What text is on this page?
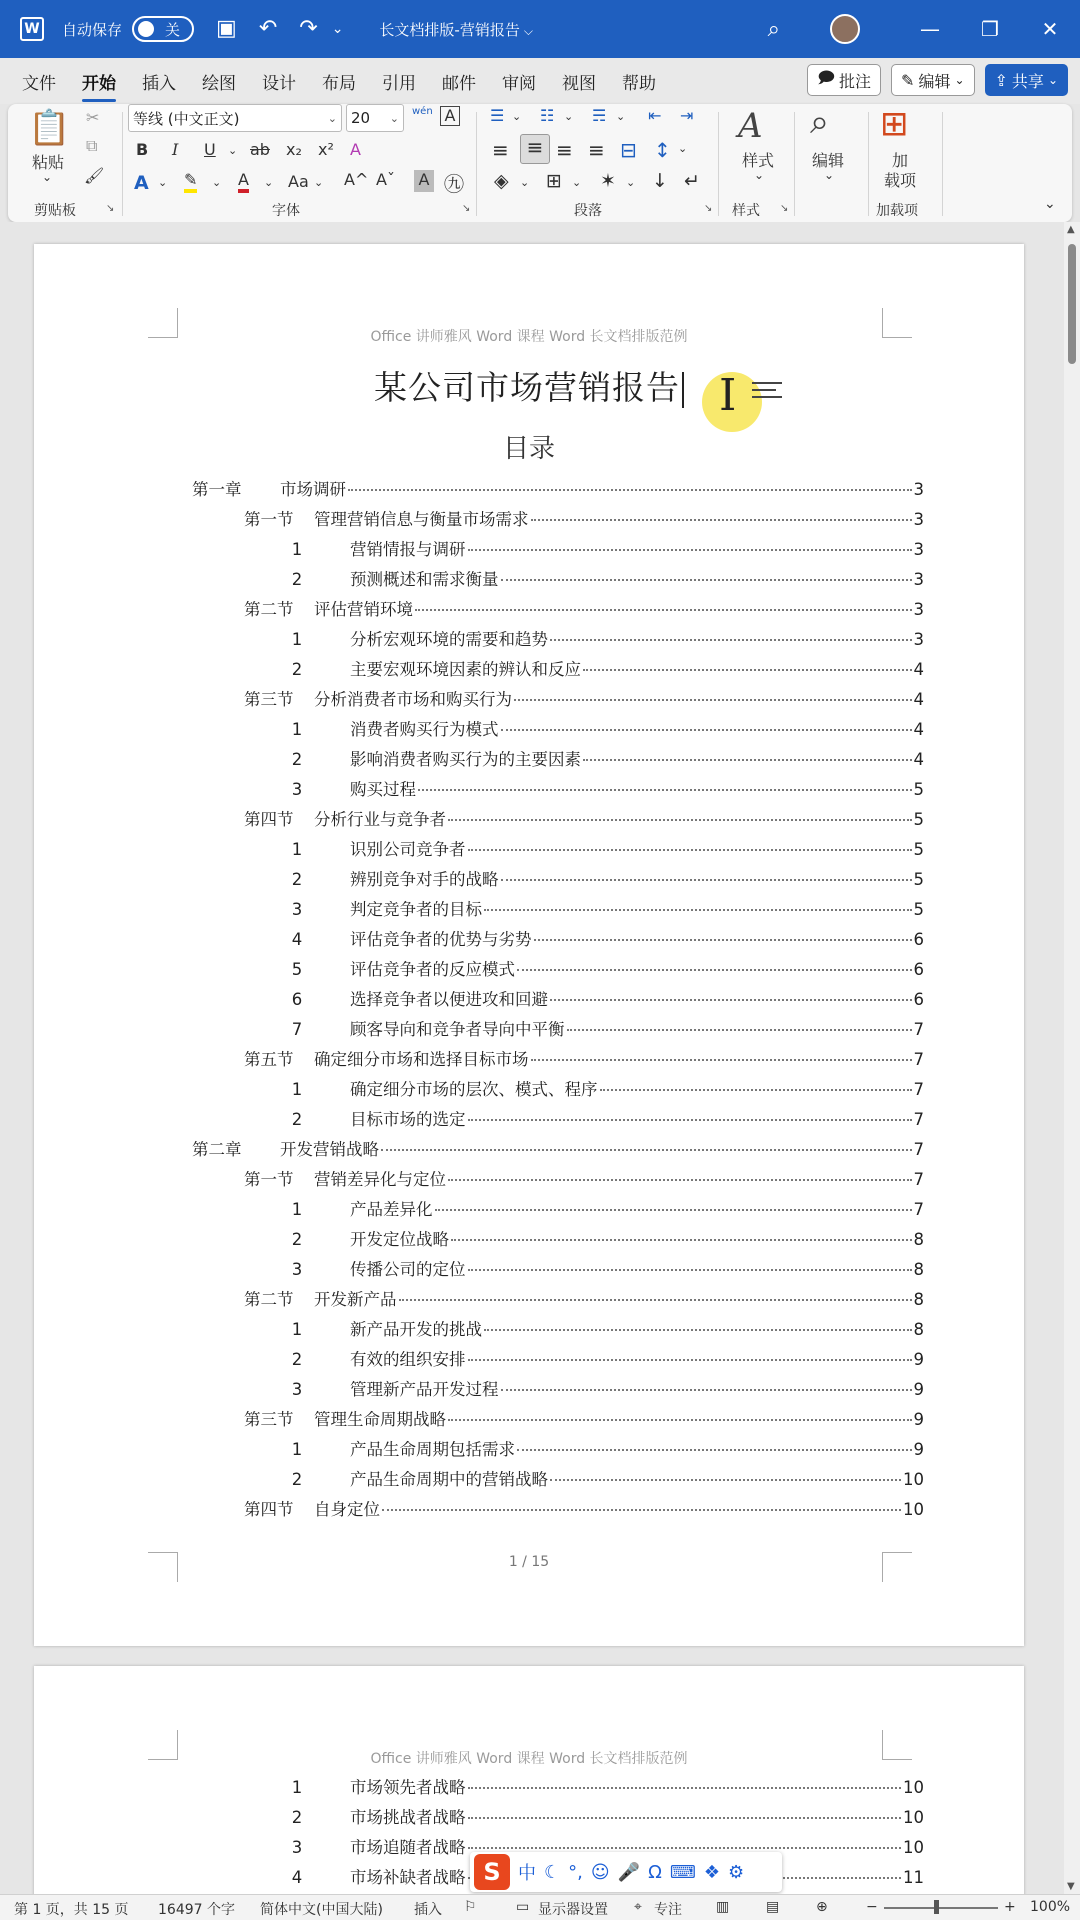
W 自动保存	关 ▣ ↶ ↷ ⌄ 长文档排版-营销报告 ⌵	⌕	—	❐	✕
文件 开始 插入 绘图 设计 布局 引用 邮件 审阅 视图 帮助	🗩 批注 ✎ 编辑 ⌄ ⇪ 共享 ⌄
📋
粘贴
⌄
✂
⧉
🖌
剪贴板	↘
等线 (中文正文)	⌄ 20 ⌄ wén A
B I U ⌄ ab x₂ x² A
A ⌄ ✎ ⌄ A ⌄ Aa ⌄ A^ Aˇ A ㊈
字体	↘
☰ ⌄ ☷ ⌄ ☴ ⌄ ⇤ ⇥
≡ ≡ ≡ ≡ ⊟ ↕ ⌄
◈ ⌄ ⊞ ⌄ ✶ ⌄ ↓ ↵
段落	↘
A
样式
⌄
样式 ↘
⌕
编辑
⌄
⊞
加
载项
加载项	⌄
Office 讲师雅风 Word 课程 Word 长文档排版范例
某公司市场营销报告 I
目录
第一章	市场调研	3
第一节	管理营销信息与衡量市场需求	3
1	营销情报与调研	3
2	预测概述和需求衡量	3
第二节	评估营销环境	3
1	分析宏观环境的需要和趋势	3
2	主要宏观环境因素的辨认和反应	4
第三节	分析消费者市场和购买行为	4
1	消费者购买行为模式	4
2	影响消费者购买行为的主要因素	4
3	购买过程	5
第四节	分析行业与竞争者	5
1	识别公司竞争者	5
2	辨别竞争对手的战略	5
3	判定竞争者的目标	5
4	评估竞争者的优势与劣势	6
5	评估竞争者的反应模式	6
6	选择竞争者以便进攻和回避	6
7	顾客导向和竞争者导向中平衡	7
第五节	确定细分市场和选择目标市场	7
1	确定细分市场的层次、模式、程序	7
2	目标市场的选定	7
第二章	开发营销战略	7
第一节	营销差异化与定位	7
1	产品差异化	7
2	开发定位战略	8
3	传播公司的定位	8
第二节	开发新产品	8
1	新产品开发的挑战	8
2	有效的组织安排	9
3	管理新产品开发过程	9
第三节	管理生命周期战略	9
1	产品生命周期包括需求	9
2	产品生命周期中的营销战略	10
第四节	自身定位	10
1 / 15
Office 讲师雅风 Word 课程 Word 长文档排版范例
1	市场领先者战略	10
2	市场挑战者战略	10
3	市场追随者战略	10
4	市场补缺者战略	11
▲
▼
S 中 ☾ °, ☺ 🎤 Ω ⌨ ❖ ⚙
第 1 页，共 15 页 16497 个字 简体中文(中国大陆) 插入 ⚐	▭ 显示器设置 ⌖ 专注 ▥	▤	⊕	−	+ 100%
